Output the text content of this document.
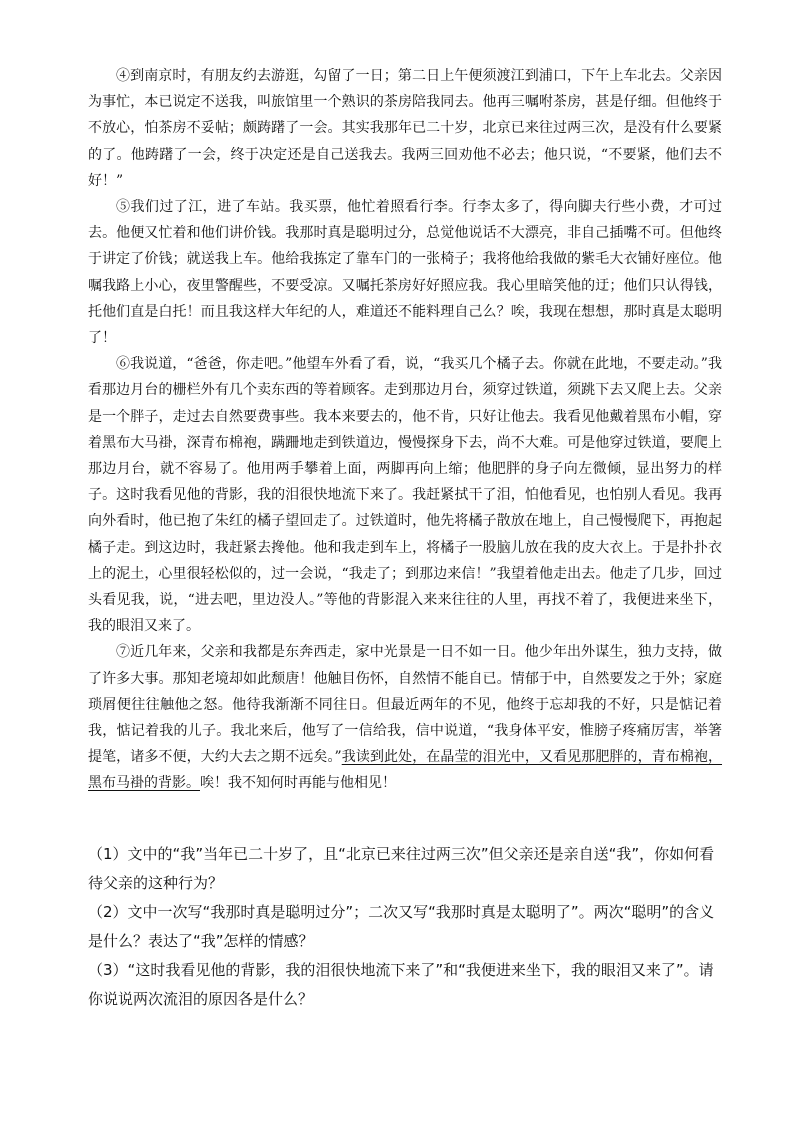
④到南京时，有朋友约去游逛，勾留了一日；第二日上午便须渡江到浦口，下午上车北去。父亲因为事忙，本已说定不送我，叫旅馆里一个熟识的茶房陪我同去。他再三嘱咐茶房，甚是仔细。但他终于不放心，怕茶房不妥帖；颇踌躇了一会。其实我那年已二十岁，北京已来往过两三次，是没有什么要紧的了。他踌躇了一会，终于决定还是自己送我去。我两三回劝他不必去；他只说，“不要紧，他们去不好！”

⑤我们过了江，进了车站。我买票，他忙着照看行李。行李太多了，得向脚夫行些小费，才可过去。他便又忙着和他们讲价钱。我那时真是聪明过分，总觉他说话不大漂亮，非自己插嘴不可。但他终于讲定了价钱；就送我上车。他给我拣定了靠车门的一张椅子；我将他给我做的紫毛大衣铺好座位。他嘱我路上小心，夜里警醒些，不要受凉。又嘱托茶房好好照应我。我心里暗笑他的迂；他们只认得钱，托他们直是白托！而且我这样大年纪的人，难道还不能料理自己么？唉，我现在想想，那时真是太聪明了！

⑥我说道，“爸爸，你走吧。”他望车外看了看，说，“我买几个橘子去。你就在此地，不要走动。”我看那边月台的栅栏外有几个卖东西的等着顾客。走到那边月台，须穿过铁道，须跳下去又爬上去。父亲是一个胖子，走过去自然要费事些。我本来要去的，他不肯，只好让他去。我看见他戴着黑布小帽，穿着黑布大马褂，深青布棉袍，蹒跚地走到铁道边，慢慢探身下去，尚不大难。可是他穿过铁道，要爬上那边月台，就不容易了。他用两手攀着上面，两脚再向上缩；他肥胖的身子向左微倾，显出努力的样子。这时我看见他的背影，我的泪很快地流下来了。我赶紧拭干了泪，怕他看见，也怕别人看见。我再向外看时，他已抱了朱红的橘子望回走了。过铁道时，他先将橘子散放在地上，自己慢慢爬下，再抱起橘子走。到这边时，我赶紧去搀他。他和我走到车上，将橘子一股脑儿放在我的皮大衣上。于是扑扑衣上的泥土，心里很轻松似的，过一会说，“我走了；到那边来信！”我望着他走出去。他走了几步，回过头看见我，说，“进去吧，里边没人。”等他的背影混入来来往往的人里，再找不着了，我便进来坐下，我的眼泪又来了。

⑦近几年来，父亲和我都是东奔西走，家中光景是一日不如一日。他少年出外谋生，独力支持，做了许多大事。那知老境却如此颓唐！他触目伤怀，自然情不能自已。情郁于中，自然要发之于外；家庭琐屑便往往触他之怒。他待我渐渐不同往日。但最近两年的不见，他终于忘却我的不好，只是惦记着我，惦记着我的儿子。我北来后，他写了一信给我，信中说道，“我身体平安，惟膀子疼痛厉害，举箸提笔，诸多不便，大约大去之期不远矣。”我读到此处，在晶莹的泪光中，又看见那肥胖的，青布棉袍，黑布马褂的背影。唉！我不知何时再能与他相见！

（1）文中的“我”当年已二十岁了，且“北京已来往过两三次”但父亲还是亲自送“我”，你如何看待父亲的这种行为？

（2）文中一次写“我那时真是聪明过分”；二次又写“我那时真是太聪明了”。两次“聪明”的含义是什么？表达了“我”怎样的情感？

（3）“这时我看见他的背影，我的泪很快地流下来了”和“我便进来坐下，我的眼泪又来了”。请你说说两次流泪的原因各是什么？
